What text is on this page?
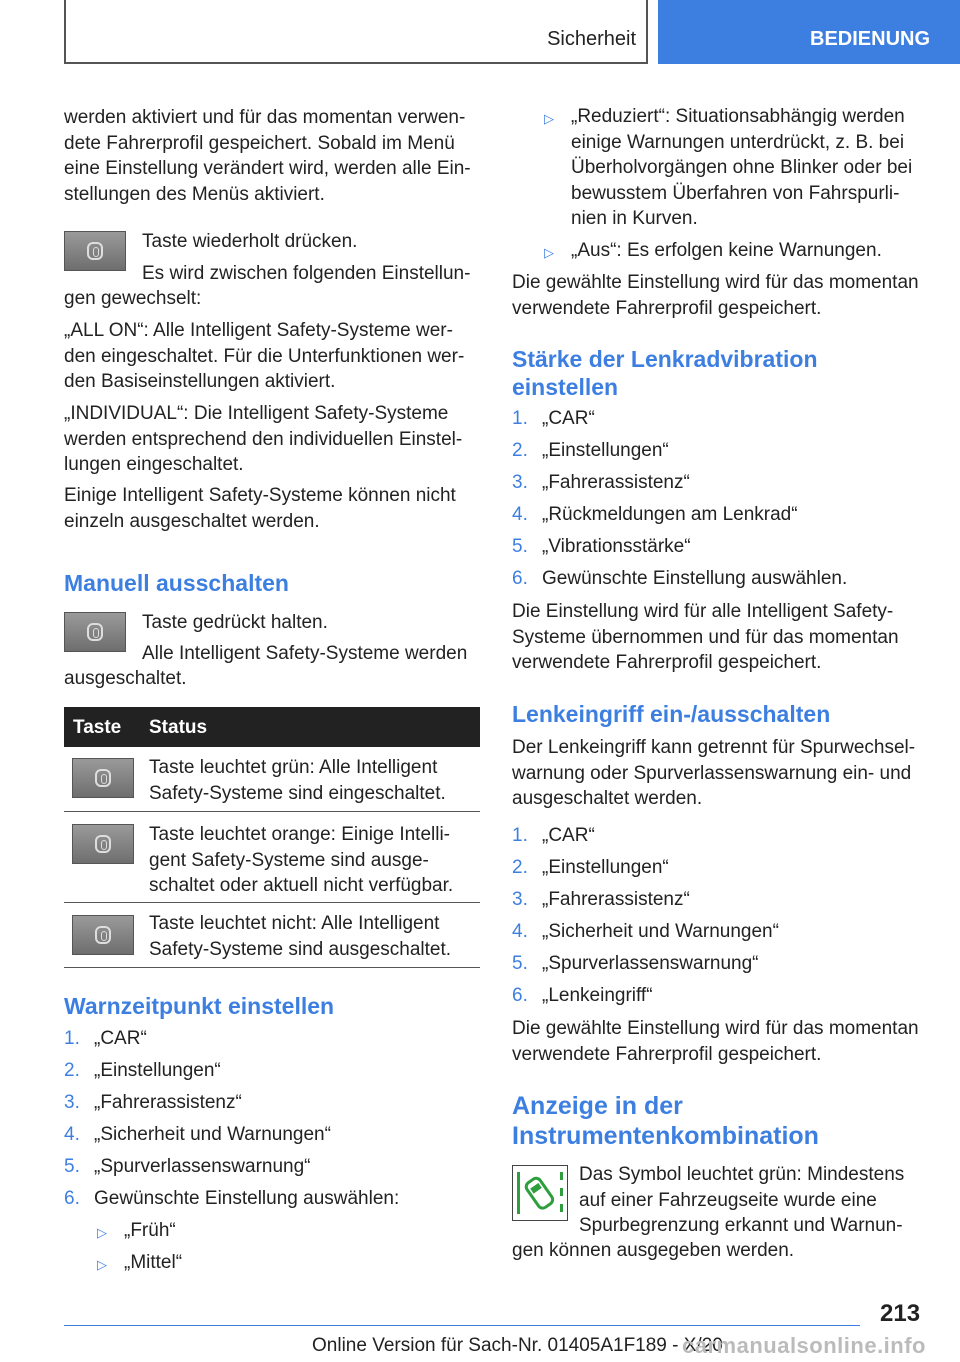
Sicherheit	BEDIENUNG
werden aktiviert und für das momentan verwen-
dete Fahrerprofil gespeichert. Sobald im Menü
eine Einstellung verändert wird, werden alle Ein-
stellungen des Menüs aktiviert.
Taste wiederholt drücken.
Es wird zwischen folgenden Einstellun-
gen gewechselt:
„ALL ON“: Alle Intelligent Safety-Systeme wer-
den eingeschaltet. Für die Unterfunktionen wer-
den Basiseinstellungen aktiviert.
„INDIVIDUAL“: Die Intelligent Safety-Systeme
werden entsprechend den individuellen Einstel-
lungen eingeschaltet.
Einige Intelligent Safety-Systeme können nicht
einzeln ausgeschaltet werden.
Manuell ausschalten
Taste gedrückt halten.
Alle Intelligent Safety-Systeme werden
ausgeschaltet.
Taste Status
Taste leuchtet grün: Alle Intelligent
Safety-Systeme sind eingeschaltet.
Taste leuchtet orange: Einige Intelli-
gent Safety-Systeme sind ausge-
schaltet oder aktuell nicht verfügbar.
Taste leuchtet nicht: Alle Intelligent
Safety-Systeme sind ausgeschaltet.
Warnzeitpunkt einstellen
1. „CAR“
2. „Einstellungen“
3. „Fahrerassistenz“
4. „Sicherheit und Warnungen“
5. „Spurverlassenswarnung“
6. Gewünschte Einstellung auswählen:
▷ „Früh“
▷ „Mittel“
▷ „Reduziert“: Situationsabhängig werden
einige Warnungen unterdrückt, z. B. bei
Überholvorgängen ohne Blinker oder bei
bewusstem Überfahren von Fahrspurli-
nien in Kurven.
▷ „Aus“: Es erfolgen keine Warnungen.
Die gewählte Einstellung wird für das momentan
verwendete Fahrerprofil gespeichert.
Stärke der Lenkradvibration
einstellen
1. „CAR“
2. „Einstellungen“
3. „Fahrerassistenz“
4. „Rückmeldungen am Lenkrad“
5. „Vibrationsstärke“
6. Gewünschte Einstellung auswählen.
Die Einstellung wird für alle Intelligent Safety-
Systeme übernommen und für das momentan
verwendete Fahrerprofil gespeichert.
Lenkeingriff ein-/ausschalten
Der Lenkeingriff kann getrennt für Spurwechsel-
warnung oder Spurverlassenswarnung ein- und
ausgeschaltet werden.
1. „CAR“
2. „Einstellungen“
3. „Fahrerassistenz“
4. „Sicherheit und Warnungen“
5. „Spurverlassenswarnung“
6. „Lenkeingriff“
Die gewählte Einstellung wird für das momentan
verwendete Fahrerprofil gespeichert.
Anzeige in der
Instrumentenkombination
Das Symbol leuchtet grün: Mindestens
auf einer Fahrzeugseite wurde eine
Spurbegrenzung erkannt und Warnun-
gen können ausgegeben werden.
213
Online Version für Sach-Nr. 01405A1F189 - X/20
carmanualsonline.info
